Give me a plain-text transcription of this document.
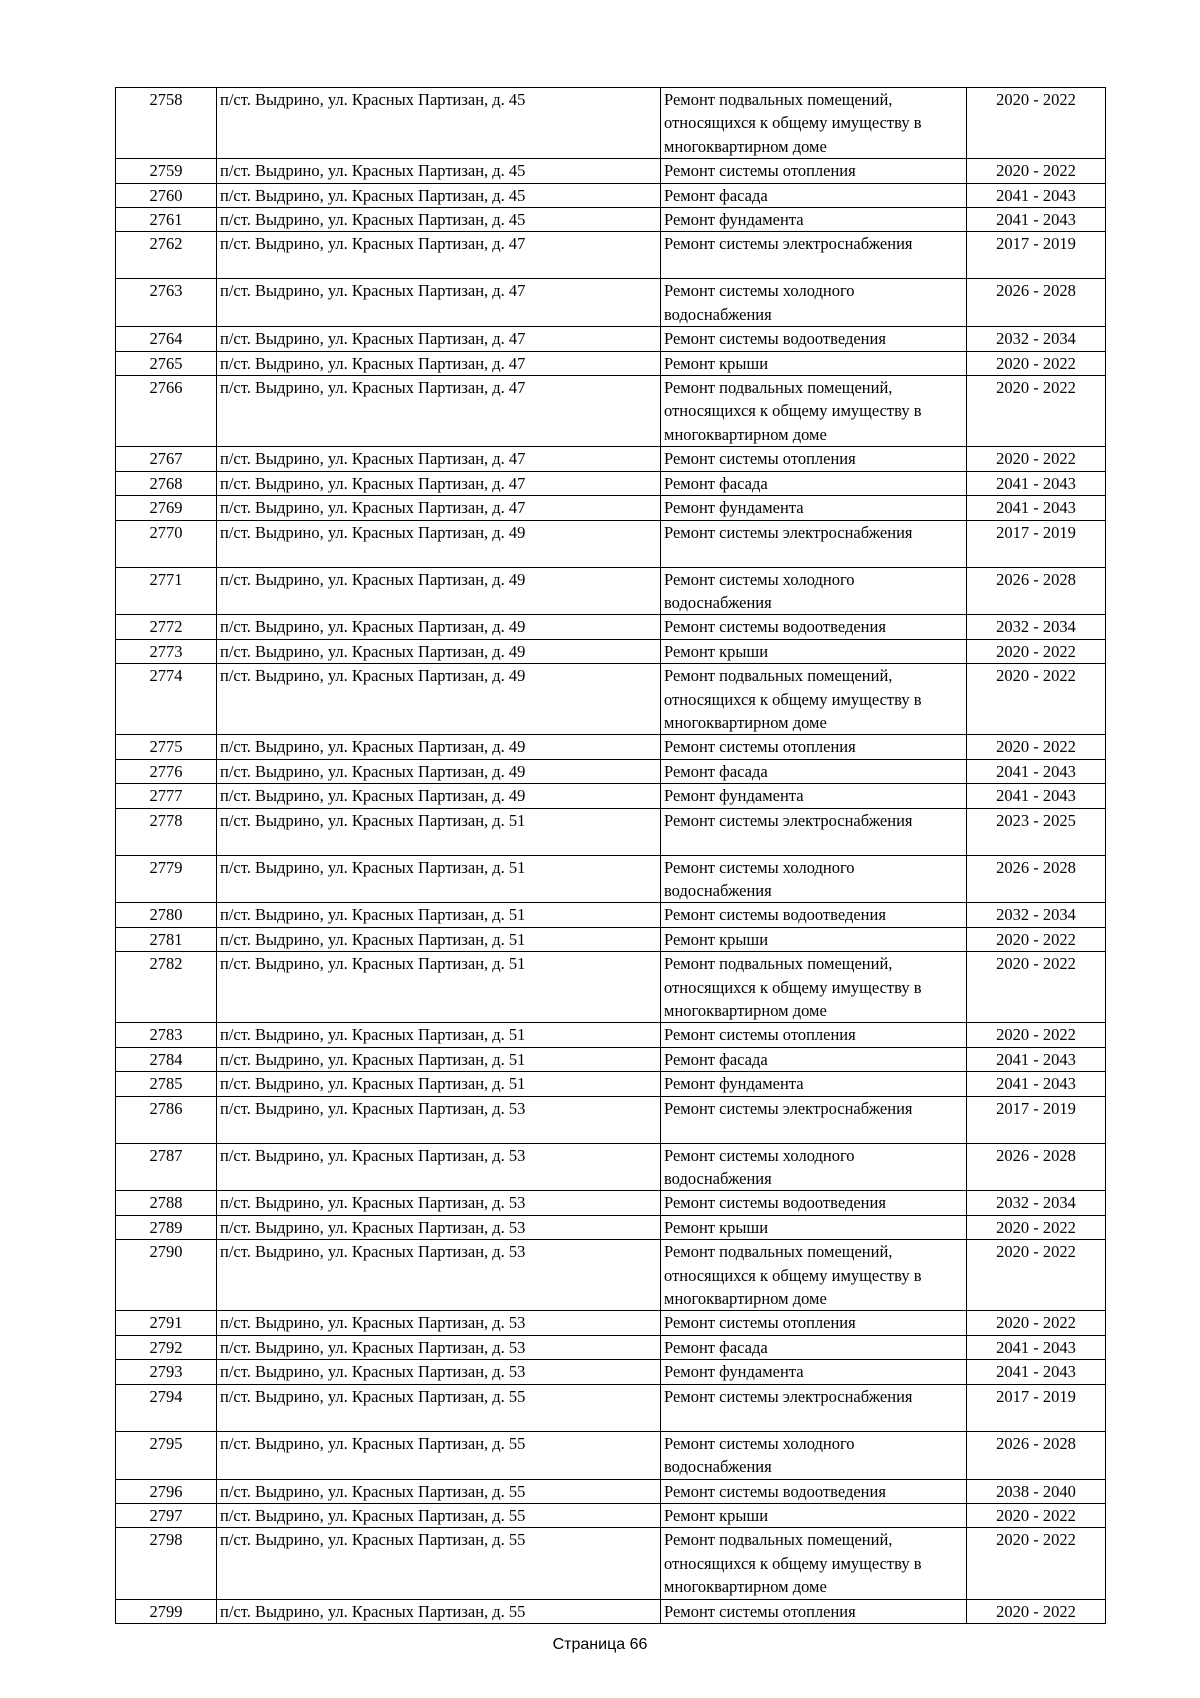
2758	п/ст. Выдрино, ул. Красных Партизан, д. 45	Ремонт подвальных помещений, относящихся к общему имуществу в многоквартирном доме	2020 - 2022
2759	п/ст. Выдрино, ул. Красных Партизан, д. 45	Ремонт системы отопления	2020 - 2022
2760	п/ст. Выдрино, ул. Красных Партизан, д. 45	Ремонт фасада	2041 - 2043
2761	п/ст. Выдрино, ул. Красных Партизан, д. 45	Ремонт фундамента	2041 - 2043
2762	п/ст. Выдрино, ул. Красных Партизан, д. 47	Ремонт системы электроснабжения	2017 - 2019
2763	п/ст. Выдрино, ул. Красных Партизан, д. 47	Ремонт системы холодного водоснабжения	2026 - 2028
2764	п/ст. Выдрино, ул. Красных Партизан, д. 47	Ремонт системы водоотведения	2032 - 2034
2765	п/ст. Выдрино, ул. Красных Партизан, д. 47	Ремонт крыши	2020 - 2022
2766	п/ст. Выдрино, ул. Красных Партизан, д. 47	Ремонт подвальных помещений, относящихся к общему имуществу в многоквартирном доме	2020 - 2022
2767	п/ст. Выдрино, ул. Красных Партизан, д. 47	Ремонт системы отопления	2020 - 2022
2768	п/ст. Выдрино, ул. Красных Партизан, д. 47	Ремонт фасада	2041 - 2043
2769	п/ст. Выдрино, ул. Красных Партизан, д. 47	Ремонт фундамента	2041 - 2043
2770	п/ст. Выдрино, ул. Красных Партизан, д. 49	Ремонт системы электроснабжения	2017 - 2019
2771	п/ст. Выдрино, ул. Красных Партизан, д. 49	Ремонт системы холодного водоснабжения	2026 - 2028
2772	п/ст. Выдрино, ул. Красных Партизан, д. 49	Ремонт системы водоотведения	2032 - 2034
2773	п/ст. Выдрино, ул. Красных Партизан, д. 49	Ремонт крыши	2020 - 2022
2774	п/ст. Выдрино, ул. Красных Партизан, д. 49	Ремонт подвальных помещений, относящихся к общему имуществу в многоквартирном доме	2020 - 2022
2775	п/ст. Выдрино, ул. Красных Партизан, д. 49	Ремонт системы отопления	2020 - 2022
2776	п/ст. Выдрино, ул. Красных Партизан, д. 49	Ремонт фасада	2041 - 2043
2777	п/ст. Выдрино, ул. Красных Партизан, д. 49	Ремонт фундамента	2041 - 2043
2778	п/ст. Выдрино, ул. Красных Партизан, д. 51	Ремонт системы электроснабжения	2023 - 2025
2779	п/ст. Выдрино, ул. Красных Партизан, д. 51	Ремонт системы холодного водоснабжения	2026 - 2028
2780	п/ст. Выдрино, ул. Красных Партизан, д. 51	Ремонт системы водоотведения	2032 - 2034
2781	п/ст. Выдрино, ул. Красных Партизан, д. 51	Ремонт крыши	2020 - 2022
2782	п/ст. Выдрино, ул. Красных Партизан, д. 51	Ремонт подвальных помещений, относящихся к общему имуществу в многоквартирном доме	2020 - 2022
2783	п/ст. Выдрино, ул. Красных Партизан, д. 51	Ремонт системы отопления	2020 - 2022
2784	п/ст. Выдрино, ул. Красных Партизан, д. 51	Ремонт фасада	2041 - 2043
2785	п/ст. Выдрино, ул. Красных Партизан, д. 51	Ремонт фундамента	2041 - 2043
2786	п/ст. Выдрино, ул. Красных Партизан, д. 53	Ремонт системы электроснабжения	2017 - 2019
2787	п/ст. Выдрино, ул. Красных Партизан, д. 53	Ремонт системы холодного водоснабжения	2026 - 2028
2788	п/ст. Выдрино, ул. Красных Партизан, д. 53	Ремонт системы водоотведения	2032 - 2034
2789	п/ст. Выдрино, ул. Красных Партизан, д. 53	Ремонт крыши	2020 - 2022
2790	п/ст. Выдрино, ул. Красных Партизан, д. 53	Ремонт подвальных помещений, относящихся к общему имуществу в многоквартирном доме	2020 - 2022
2791	п/ст. Выдрино, ул. Красных Партизан, д. 53	Ремонт системы отопления	2020 - 2022
2792	п/ст. Выдрино, ул. Красных Партизан, д. 53	Ремонт фасада	2041 - 2043
2793	п/ст. Выдрино, ул. Красных Партизан, д. 53	Ремонт фундамента	2041 - 2043
2794	п/ст. Выдрино, ул. Красных Партизан, д. 55	Ремонт системы электроснабжения	2017 - 2019
2795	п/ст. Выдрино, ул. Красных Партизан, д. 55	Ремонт системы холодного водоснабжения	2026 - 2028
2796	п/ст. Выдрино, ул. Красных Партизан, д. 55	Ремонт системы водоотведения	2038 - 2040
2797	п/ст. Выдрино, ул. Красных Партизан, д. 55	Ремонт крыши	2020 - 2022
2798	п/ст. Выдрино, ул. Красных Партизан, д. 55	Ремонт подвальных помещений, относящихся к общему имуществу в многоквартирном доме	2020 - 2022
2799	п/ст. Выдрино, ул. Красных Партизан, д. 55	Ремонт системы отопления	2020 - 2022
Страница 66
